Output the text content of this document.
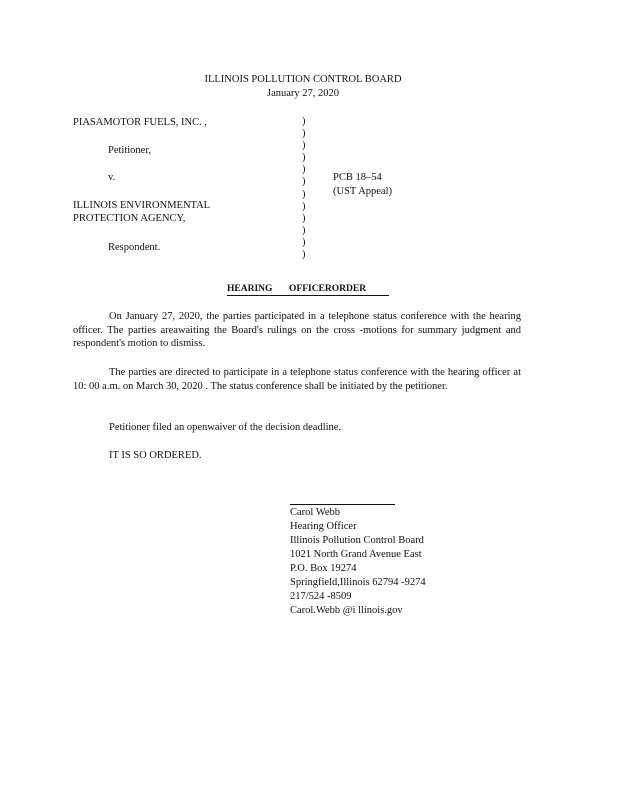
ILLINOIS POLLUTION CONTROL BOARD
January 27, 2020
PIASAMOTOR FUELS, INC. ,
Petitioner,
v.
ILLINOIS ENVIRONMENTAL
PROTECTION AGENCY,
Respondent.
)
)
)
)
)
)
)
)
)
)
)
)
PCB 18–54
(UST Appeal)
HEARING OFFICERORDER
On January 27, 2020, the parties participated in a telephone status conference with the hearing officer. The parties areawaiting the Board's rulings on the cross -motions for summary judgment and respondent's motion to dismiss.
The parties are directed to participate in a telephone status conference with the hearing officer at 10: 00 a.m. on March 30, 2020 . The status conference shall be initiated by the petitioner.
Petitioner filed an openwaiver of the decision deadline.
IT IS SO ORDERED.
Carol Webb
Hearing Officer
Illinois Pollution Control Board
1021 North Grand Avenue East
P.O. Box 19274
Springfield,Illinois 62794 -9274
217/524 -8509
Carol.Webb @i llinois.gov
